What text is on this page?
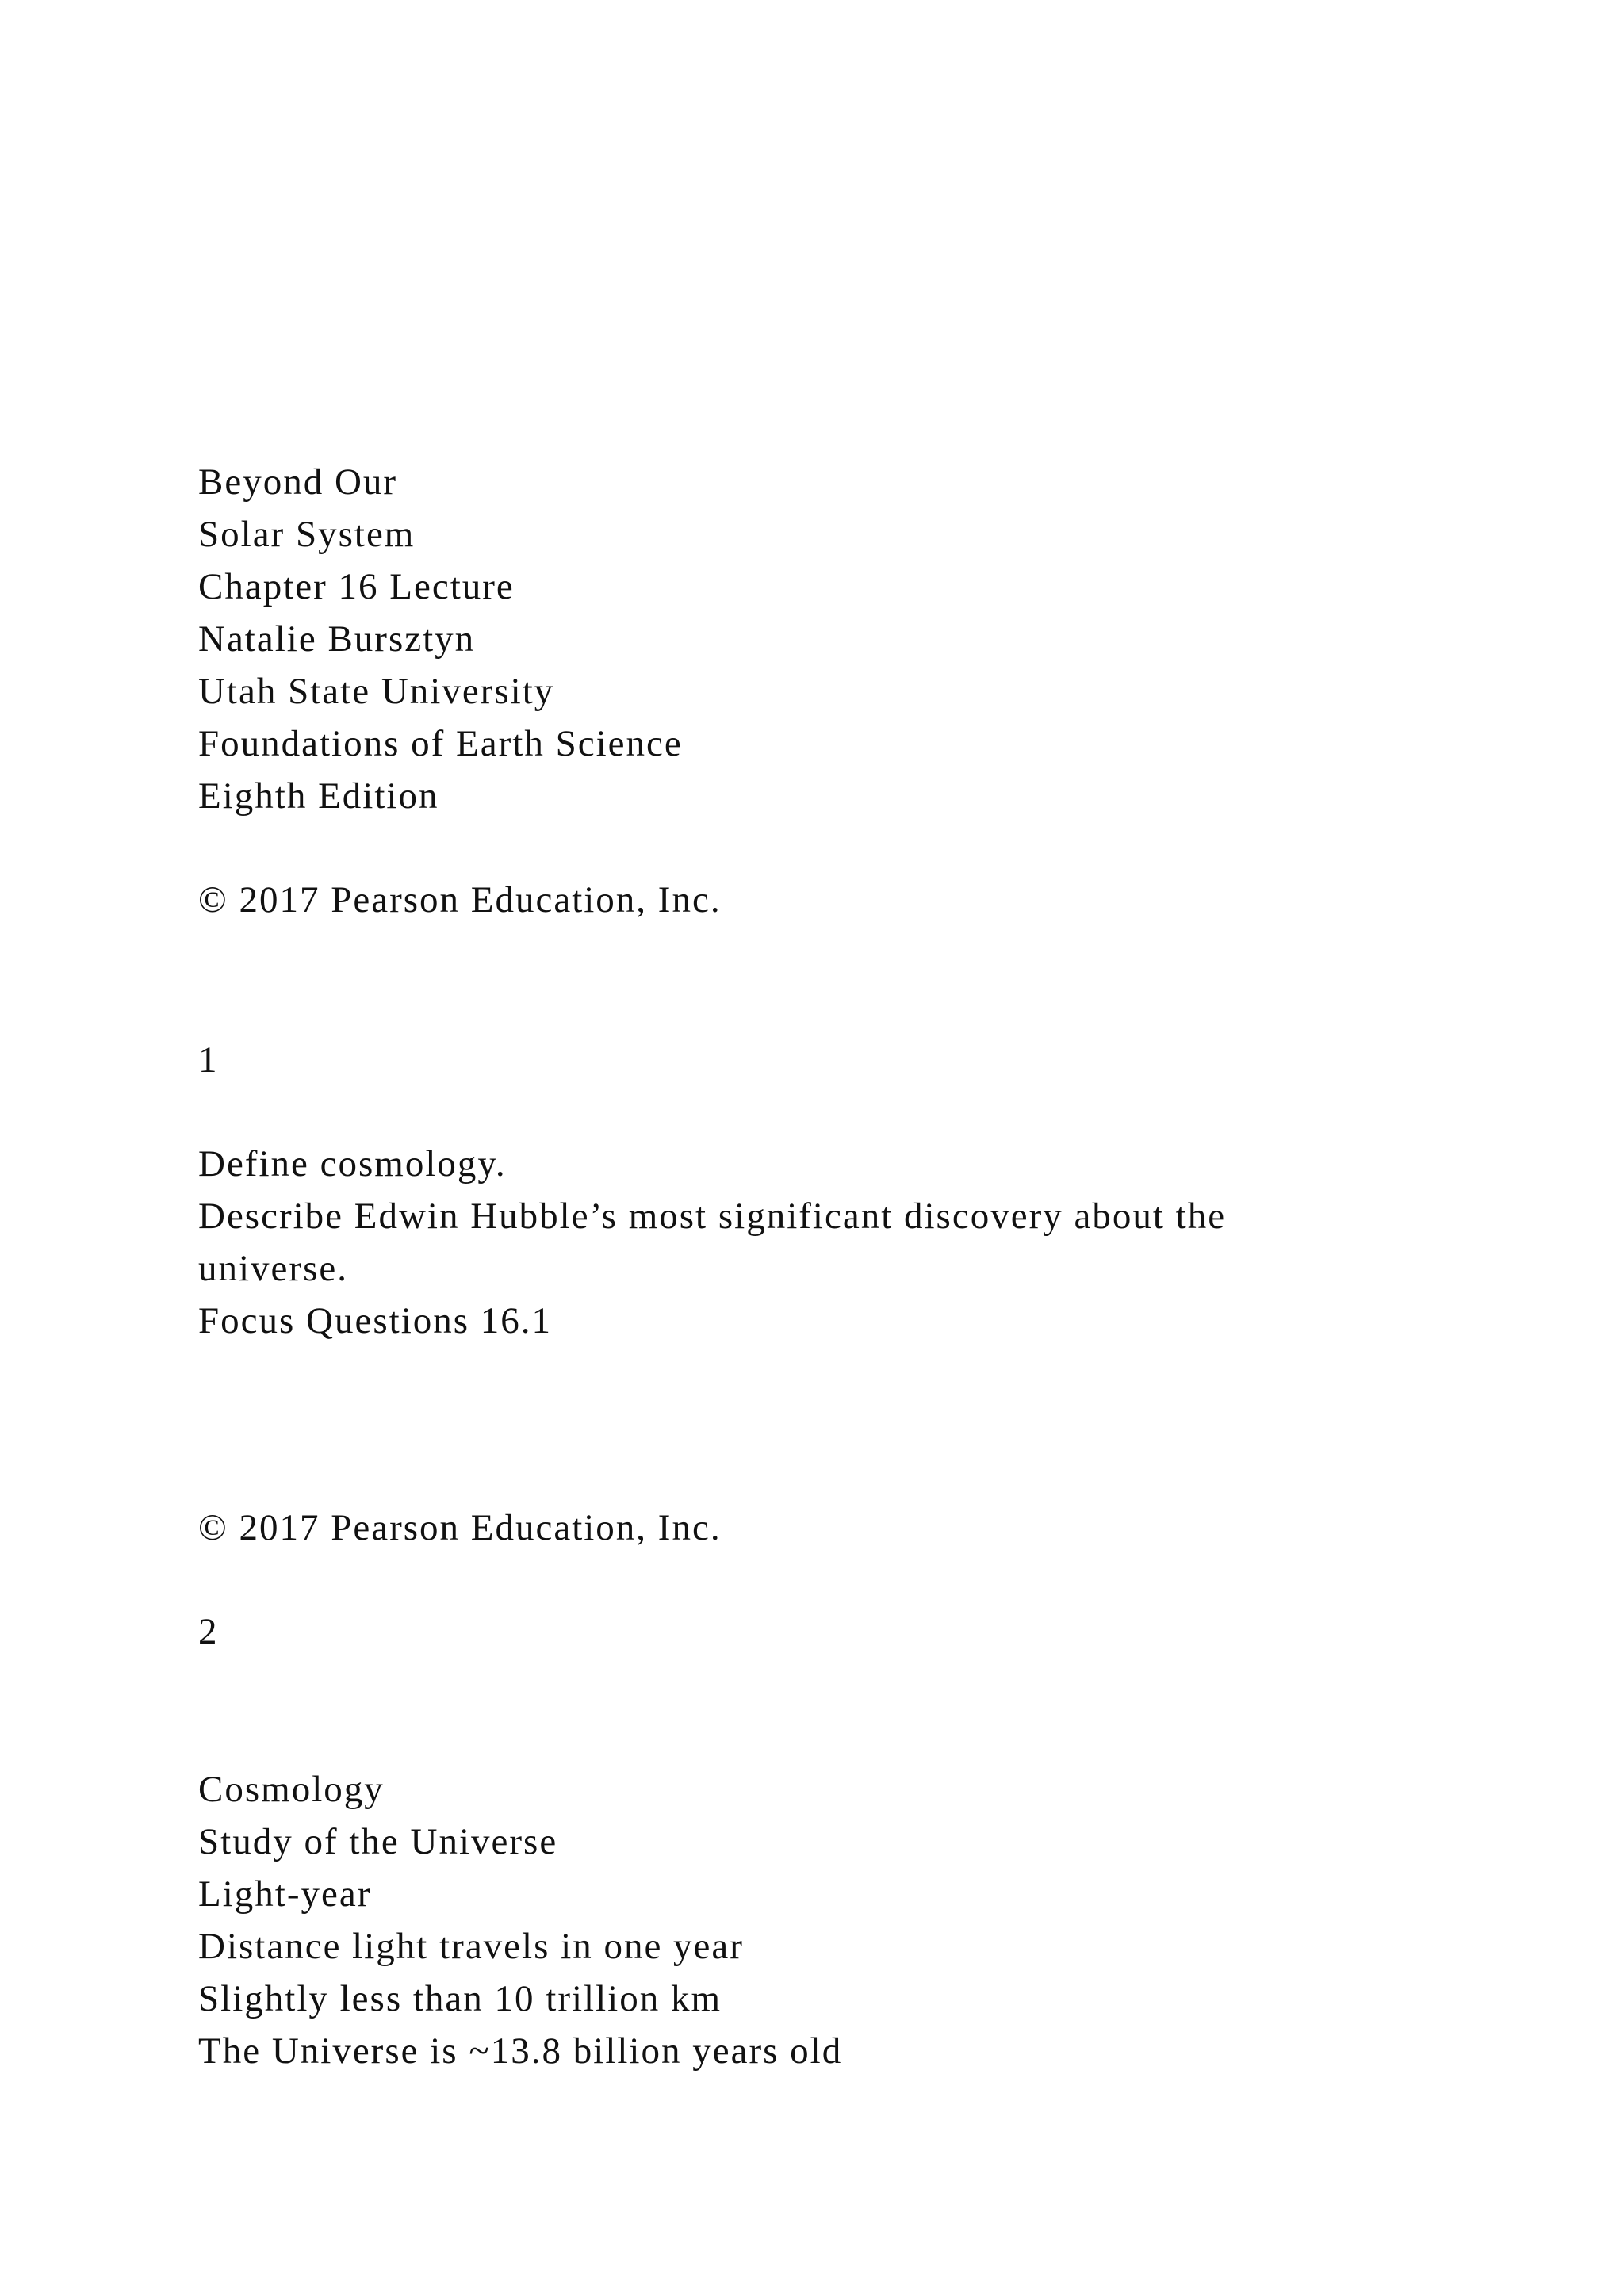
Beyond Our
Solar System
Chapter 16 Lecture
Natalie Bursztyn
Utah State University
Foundations of Earth Science
Eighth Edition
© 2017 Pearson Education, Inc.
1
Define cosmology.
Describe Edwin Hubble’s most significant discovery about the
universe.
Focus Questions 16.1
© 2017 Pearson Education, Inc.
2
Cosmology
Study of the Universe
Light-year
Distance light travels in one year
Slightly less than 10 trillion km
The Universe is ~13.8 billion years old
